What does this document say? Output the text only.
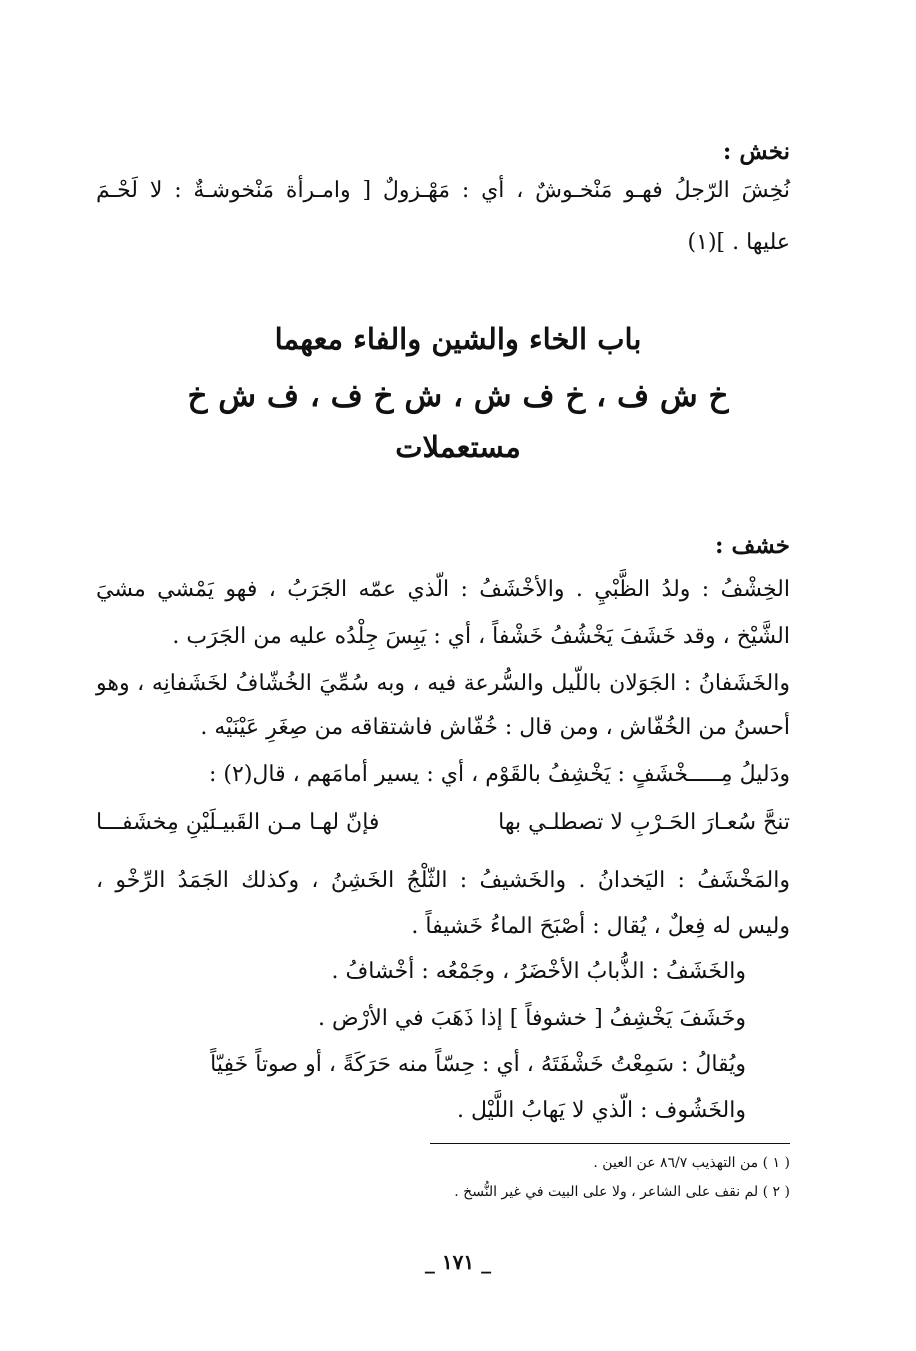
نخش :
نُخِشَ الرّجلُ فهـو مَنْخـوشٌ ، أي : مَهْـزولٌ [ وامـرأة مَنْخوشـةٌ : لا لَحْـمَ
عليها . ](١)
باب الخاء والشين والفاء معهما
خ ش ف ، خ ف ش ، ش خ ف ، ف ش خ
مستعملات
خشف :
الخِشْفُ : ولدُ الظَّبْيِ . والأخْشَفُ : الّذي عمّه الجَرَبُ ، فهو يَمْشي مشيَ
الشَّيْخ ، وقد خَشَفَ يَخْشُفُ خَشْفاً ، أي : يَبِسَ جِلْدُه عليه من الجَرَب .
والخَشَفانُ : الجَوَلان باللّيل والسُّرعة فيه ، وبه سُمِّيَ الخُشّافُ لخَشَفانِه ، وهو
أحسنُ من الخُفّاش ، ومن قال : خُفّاش فاشتقاقه من صِغَرِ عَيْنَيْه .
ودَليلُ مِـــــخْشَفٍ : يَخْشِفُ بالقَوْم ، أي : يسير أمامَهم ، قال(٢) :
تنحَّ سُعـارَ الحَـرْبِ لا تصطلـي بها
فإنّ لهـا مـن القَبيـلَيْنِ مِخشَفـــا
والمَخْشَفُ : اليَخدانُ . والخَشيفُ : الثّلْجُ الخَشِنُ ، وكذلك الجَمَدُ الرِّخْو ،
وليس له فِعلٌ ، يُقال : أصْبَحَ الماءُ خَشيفاً .
والخَشَفُ : الذُّبابُ الأخْضَرُ ، وجَمْعُه : أخْشافُ .
وخَشَفَ يَخْشِفُ [ خشوفاً ] إذا ذَهَبَ في الأرْض .
ويُقالُ : سَمِعْتُ خَشْفَتَهُ ، أي : حِسّاً منه حَرَكَةً ، أو صوتاً خَفِيّاً
والخَشُوف : الّذي لا يَهابُ اللَّيْل .
( ١ ) من التهذيب ٨٦/٧ عن العين .
( ٢ ) لم نقف على الشاعر ، ولا على البيت في غير النُّسخ .
_ ١٧١ _
